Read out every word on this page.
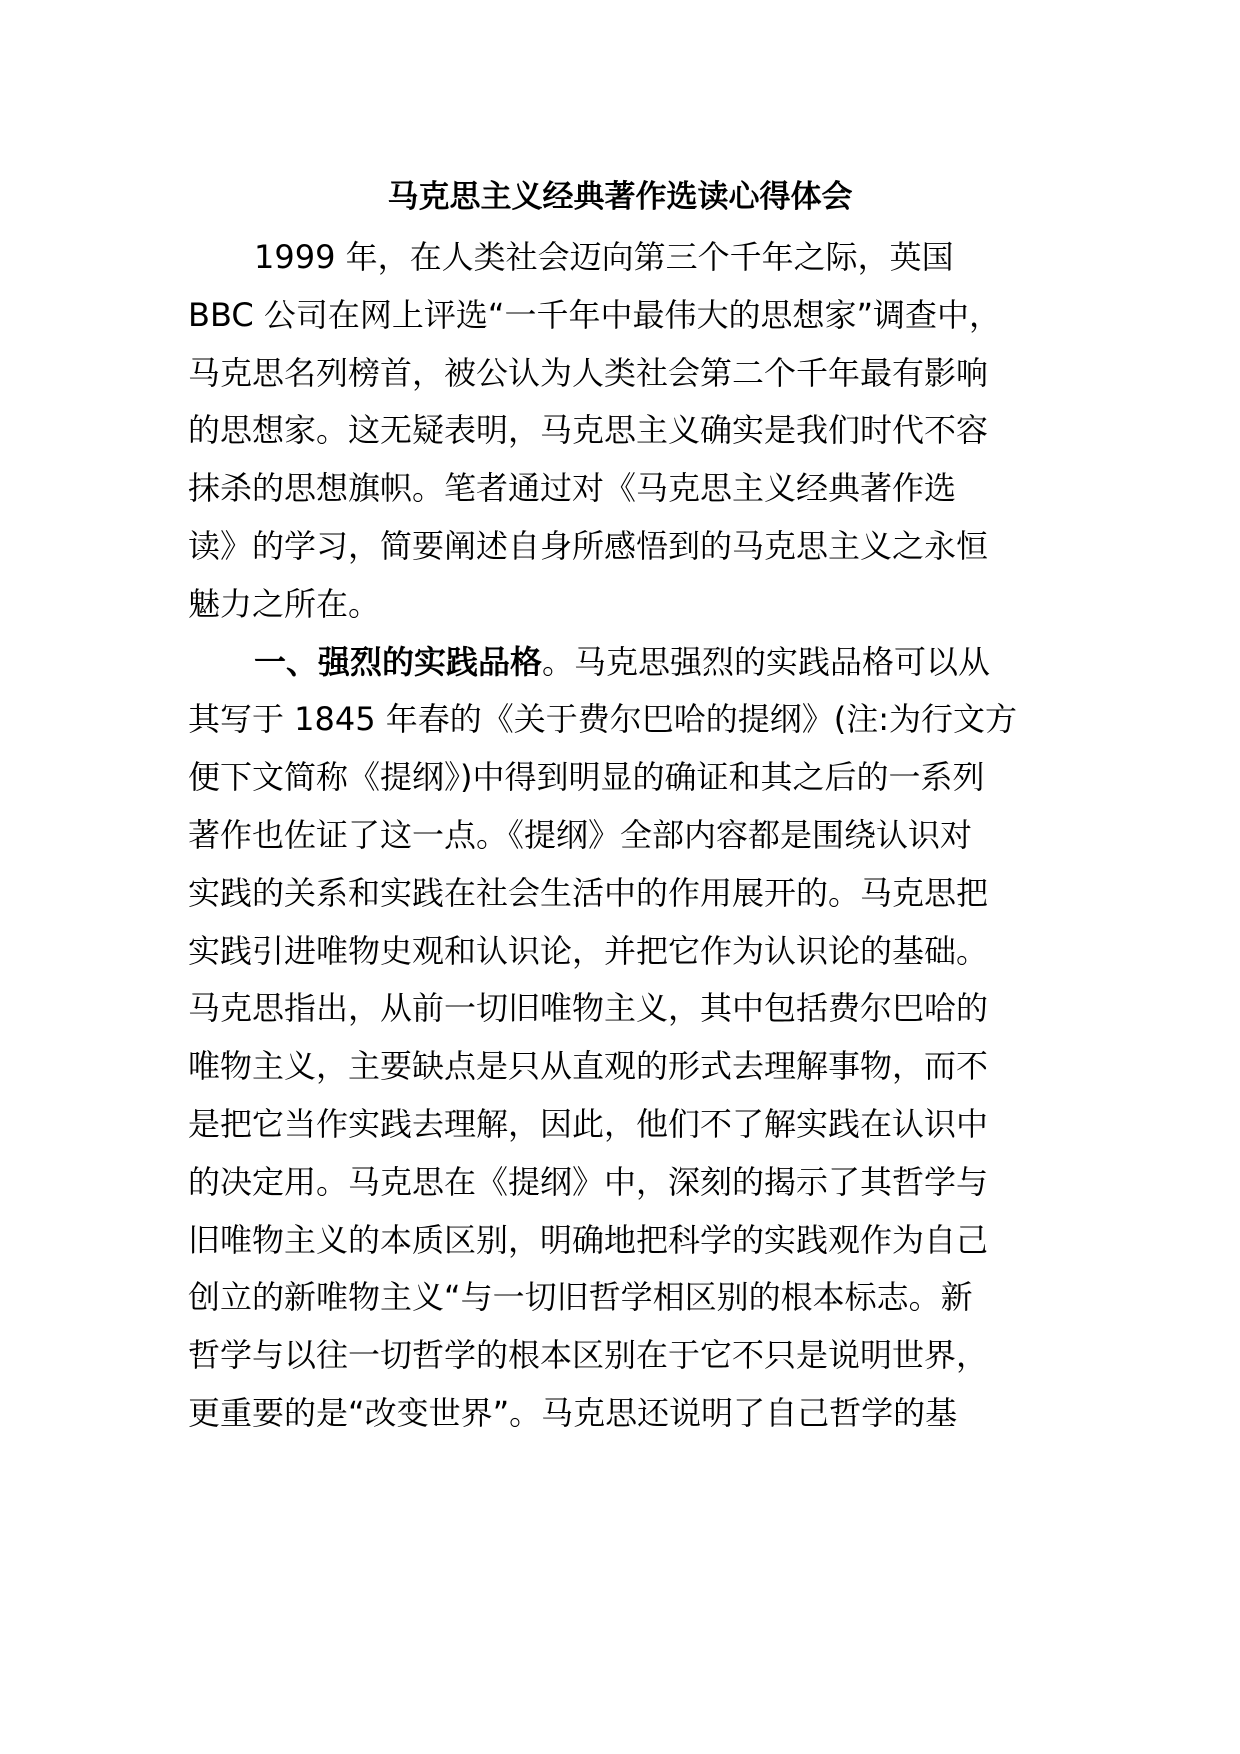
马克思主义经典著作选读心得体会
1999 年，在人类社会迈向第三个千年之际，英国
BBC 公司在网上评选“一千年中最伟大的思想家”调查中，
马克思名列榜首，被公认为人类社会第二个千年最有影响
的思想家。这无疑表明，马克思主义确实是我们时代不容
抹杀的思想旗帜。笔者通过对《马克思主义经典著作选
读》的学习，简要阐述自身所感悟到的马克思主义之永恒
魅力之所在。
一、强烈的实践品格。马克思强烈的实践品格可以从
其写于 1845 年春的《关于费尔巴哈的提纲》(注:为行文方
便下文简称《提纲》)中得到明显的确证和其之后的一系列
著作也佐证了这一点。《提纲》全部内容都是围绕认识对
实践的关系和实践在社会生活中的作用展开的。马克思把
实践引进唯物史观和认识论，并把它作为认识论的基础。
马克思指出，从前一切旧唯物主义，其中包括费尔巴哈的
唯物主义，主要缺点是只从直观的形式去理解事物，而不
是把它当作实践去理解，因此，他们不了解实践在认识中
的决定用。马克思在《提纲》中，深刻的揭示了其哲学与
旧唯物主义的本质区别，明确地把科学的实践观作为自己
创立的新唯物主义“与一切旧哲学相区别的根本标志。新
哲学与以往一切哲学的根本区别在于它不只是说明世界，
更重要的是“改变世界”。马克思还说明了自己哲学的基
